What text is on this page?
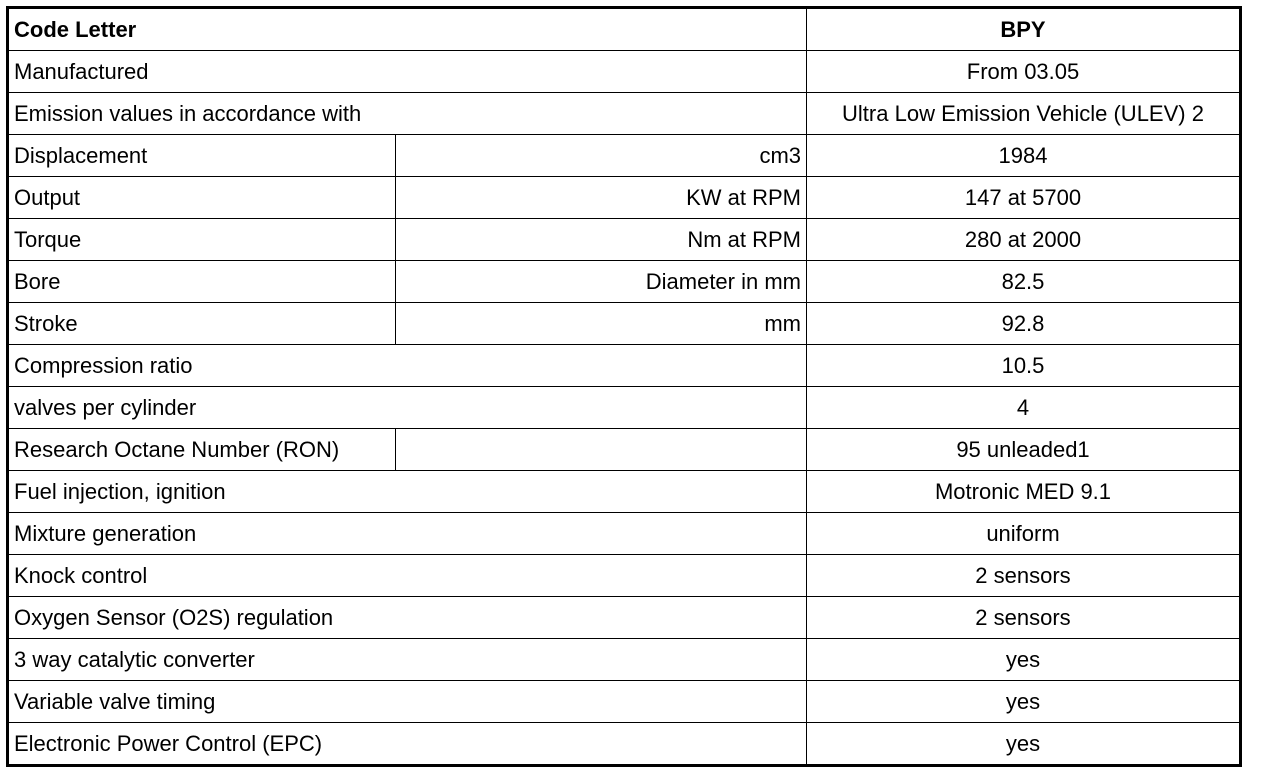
Code Letter		BPY
Manufactured		From 03.05
Emission values in accordance with		Ultra Low Emission Vehicle (ULEV) 2
Displacement	cm3	1984
Output	KW at RPM	147 at 5700
Torque	Nm at RPM	280 at 2000
Bore	Diameter in mm	82.5
Stroke	mm	92.8
Compression ratio		10.5
valves per cylinder		4
Research Octane Number (RON)		95 unleaded1
Fuel injection, ignition		Motronic MED 9.1
Mixture generation		uniform
Knock control		2 sensors
Oxygen Sensor (O2S) regulation		2 sensors
3 way catalytic converter		yes
Variable valve timing		yes
Electronic Power Control (EPC)		yes
